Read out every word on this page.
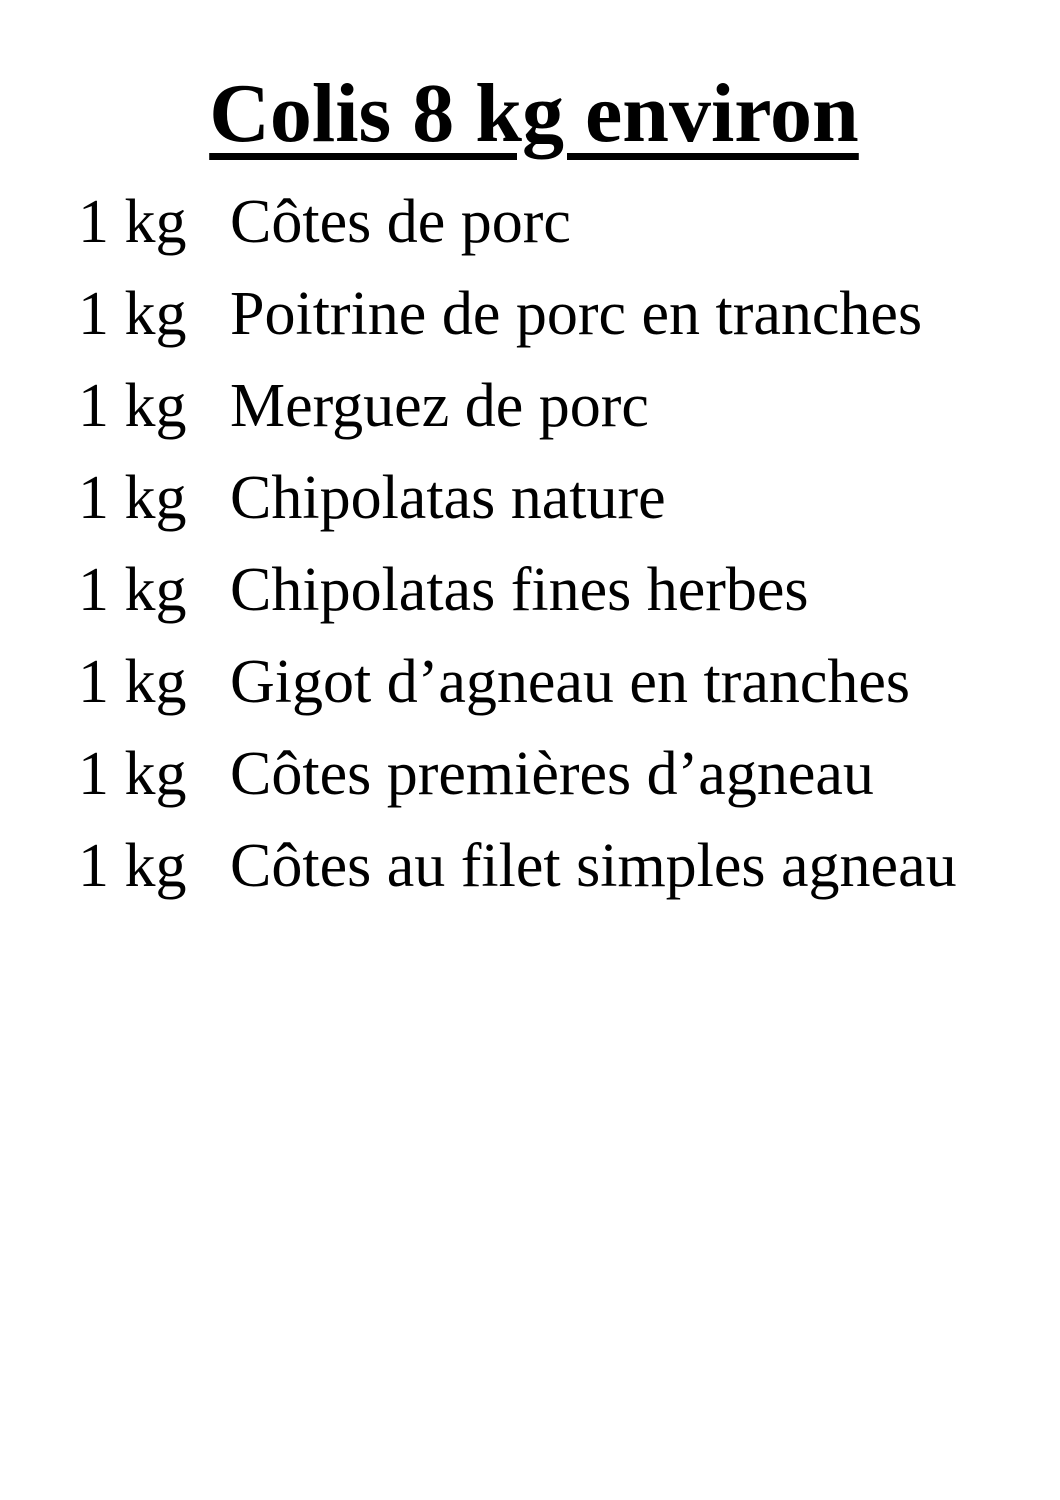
Colis 8 kg environ
1 kg Côtes de porc
1 kg Poitrine de porc en tranches
1 kg Merguez de porc
1 kg Chipolatas nature
1 kg Chipolatas fines herbes
1 kg Gigot d’agneau en tranches
1 kg Côtes premières d’agneau
1 kg Côtes au filet simples agneau
